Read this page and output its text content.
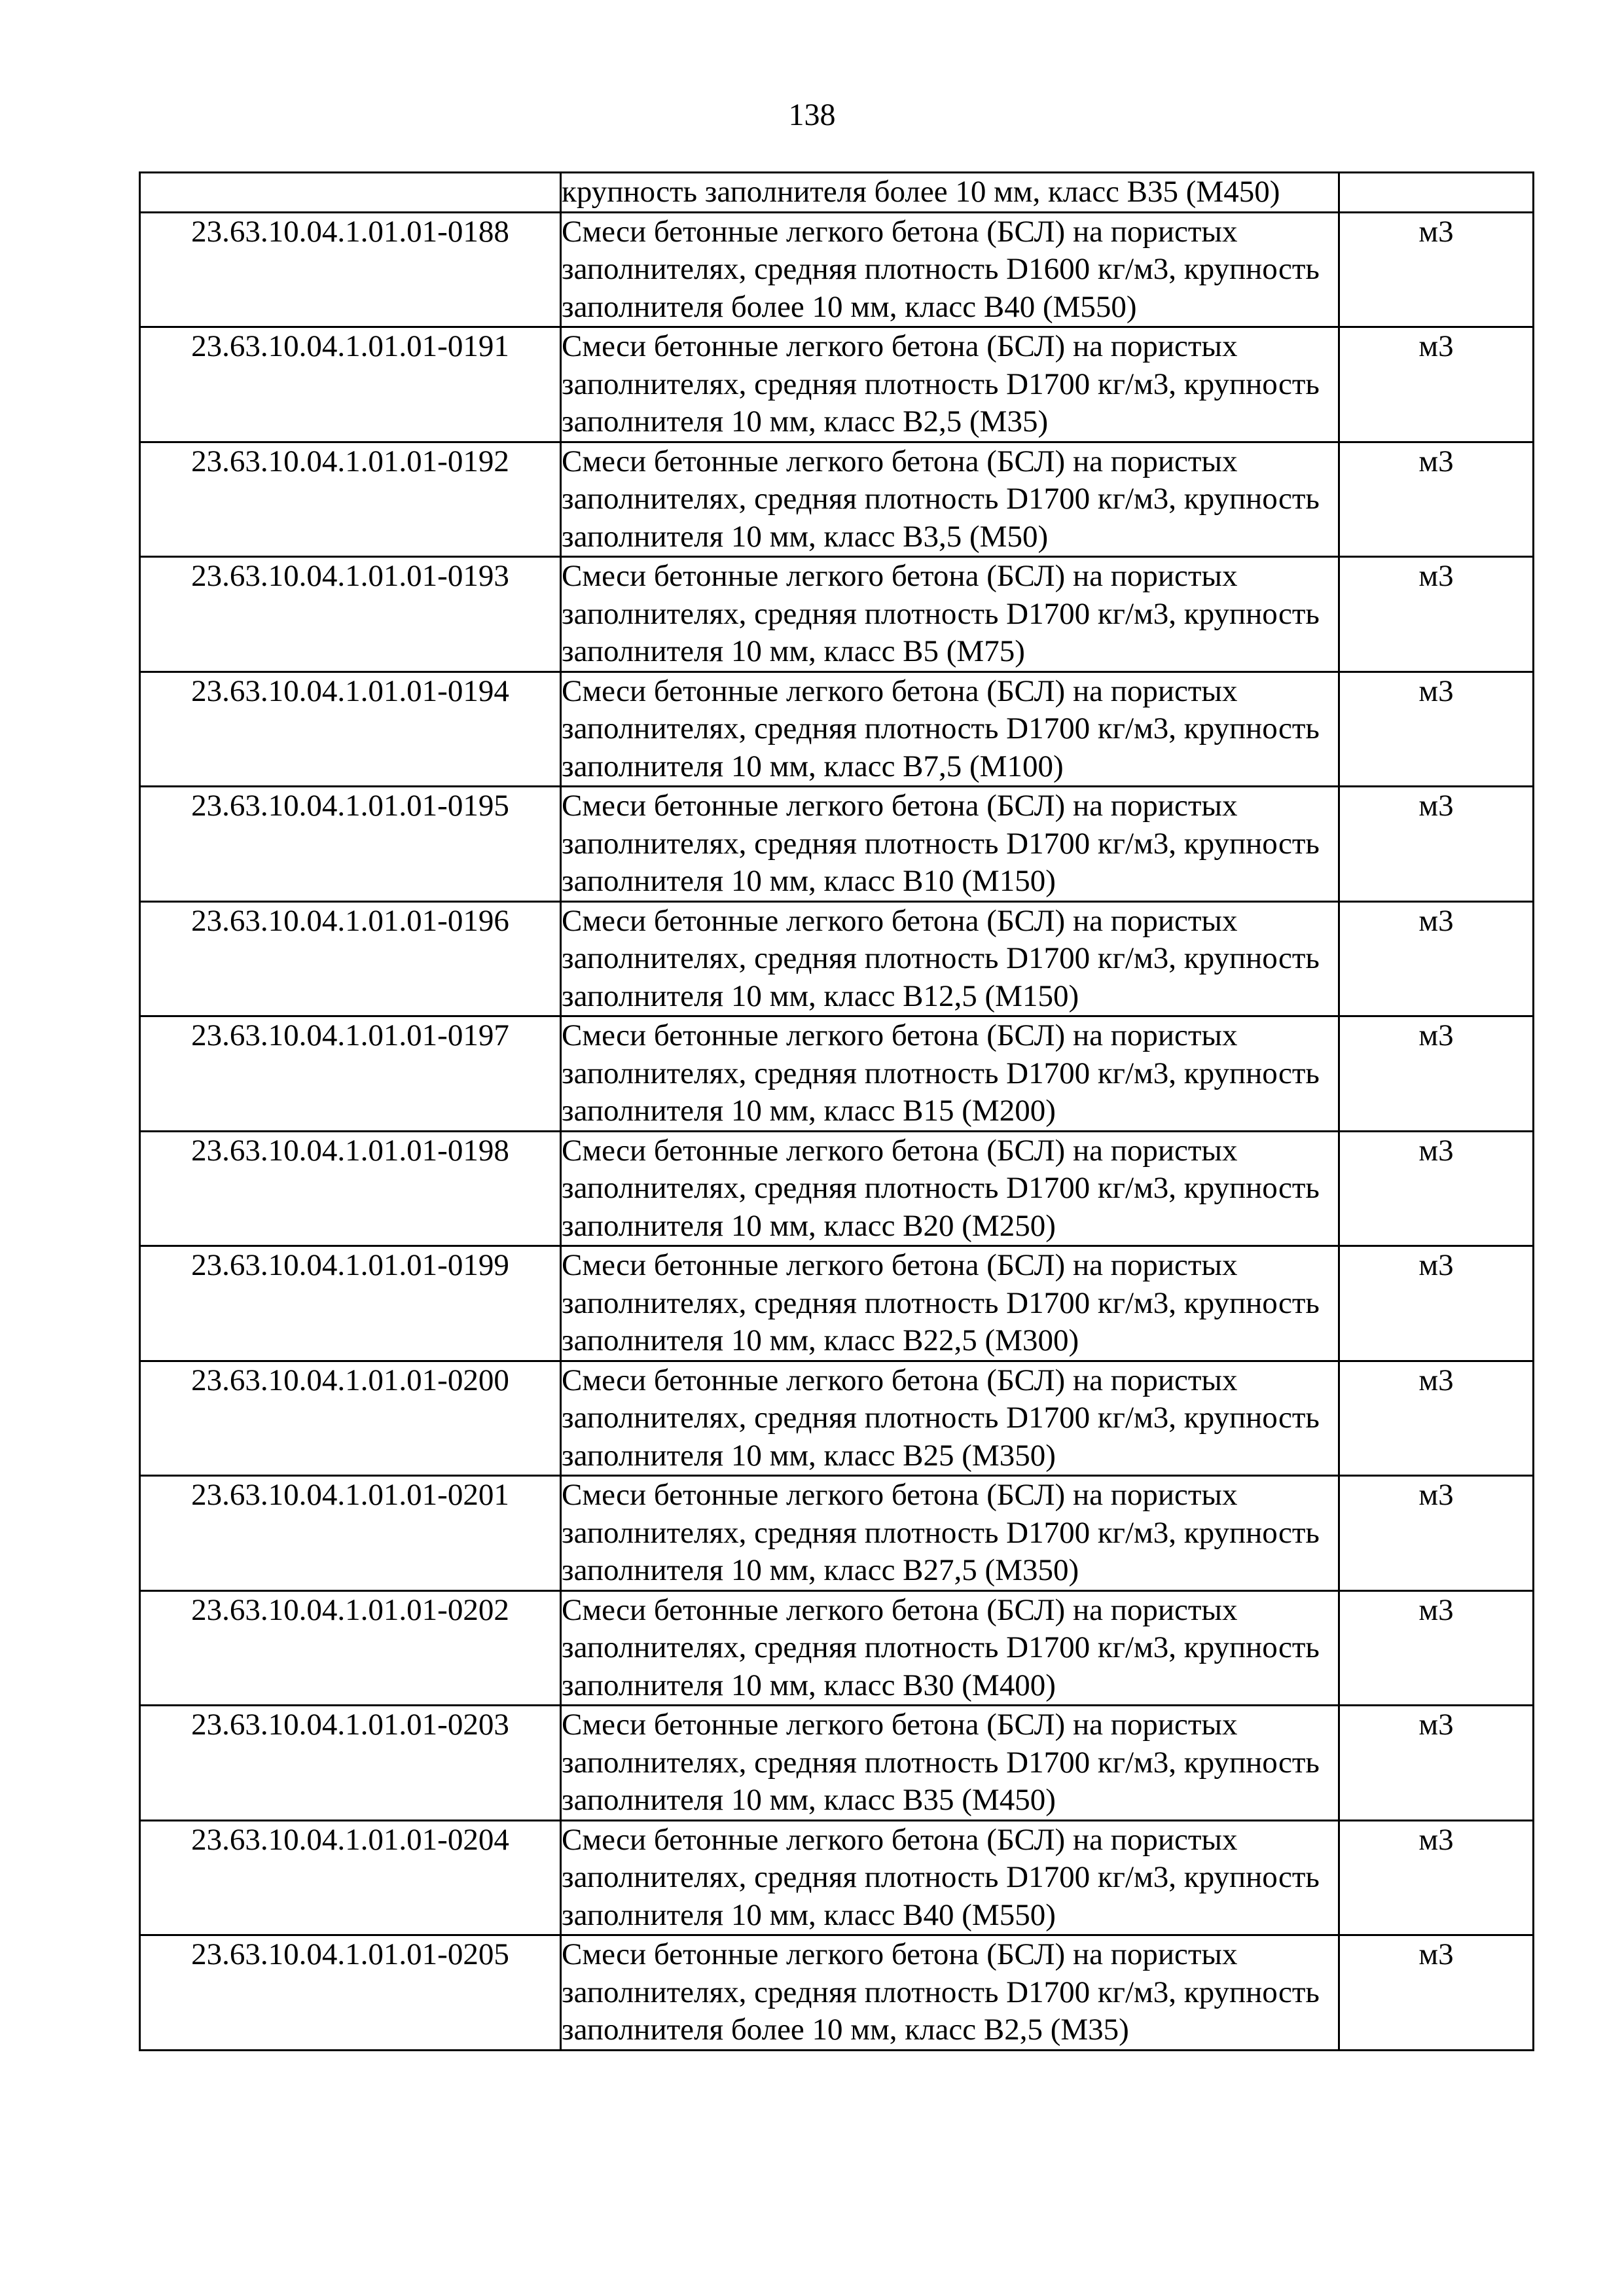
138
	крупность заполнителя более 10 мм, класс В35 (М450)	
23.63.10.04.1.01.01-0188	Смеси бетонные легкого бетона (БСЛ) на пористых заполнителях, средняя плотность D1600 кг/м3, крупность заполнителя более 10 мм, класс В40 (М550)	м3
23.63.10.04.1.01.01-0191	Смеси бетонные легкого бетона (БСЛ) на пористых заполнителях, средняя плотность D1700 кг/м3, крупность заполнителя 10 мм, класс В2,5 (М35)	м3
23.63.10.04.1.01.01-0192	Смеси бетонные легкого бетона (БСЛ) на пористых заполнителях, средняя плотность D1700 кг/м3, крупность заполнителя 10 мм, класс В3,5 (М50)	м3
23.63.10.04.1.01.01-0193	Смеси бетонные легкого бетона (БСЛ) на пористых заполнителях, средняя плотность D1700 кг/м3, крупность заполнителя 10 мм, класс В5 (М75)	м3
23.63.10.04.1.01.01-0194	Смеси бетонные легкого бетона (БСЛ) на пористых заполнителях, средняя плотность D1700 кг/м3, крупность заполнителя 10 мм, класс В7,5 (М100)	м3
23.63.10.04.1.01.01-0195	Смеси бетонные легкого бетона (БСЛ) на пористых заполнителях, средняя плотность D1700 кг/м3, крупность заполнителя 10 мм, класс В10 (М150)	м3
23.63.10.04.1.01.01-0196	Смеси бетонные легкого бетона (БСЛ) на пористых заполнителях, средняя плотность D1700 кг/м3, крупность заполнителя 10 мм, класс В12,5 (М150)	м3
23.63.10.04.1.01.01-0197	Смеси бетонные легкого бетона (БСЛ) на пористых заполнителях, средняя плотность D1700 кг/м3, крупность заполнителя 10 мм, класс В15 (М200)	м3
23.63.10.04.1.01.01-0198	Смеси бетонные легкого бетона (БСЛ) на пористых заполнителях, средняя плотность D1700 кг/м3, крупность заполнителя 10 мм, класс В20 (М250)	м3
23.63.10.04.1.01.01-0199	Смеси бетонные легкого бетона (БСЛ) на пористых заполнителях, средняя плотность D1700 кг/м3, крупность заполнителя 10 мм, класс В22,5 (М300)	м3
23.63.10.04.1.01.01-0200	Смеси бетонные легкого бетона (БСЛ) на пористых заполнителях, средняя плотность D1700 кг/м3, крупность заполнителя 10 мм, класс В25 (М350)	м3
23.63.10.04.1.01.01-0201	Смеси бетонные легкого бетона (БСЛ) на пористых заполнителях, средняя плотность D1700 кг/м3, крупность заполнителя 10 мм, класс В27,5 (М350)	м3
23.63.10.04.1.01.01-0202	Смеси бетонные легкого бетона (БСЛ) на пористых заполнителях, средняя плотность D1700 кг/м3, крупность заполнителя 10 мм, класс В30 (М400)	м3
23.63.10.04.1.01.01-0203	Смеси бетонные легкого бетона (БСЛ) на пористых заполнителях, средняя плотность D1700 кг/м3, крупность заполнителя 10 мм, класс В35 (М450)	м3
23.63.10.04.1.01.01-0204	Смеси бетонные легкого бетона (БСЛ) на пористых заполнителях, средняя плотность D1700 кг/м3, крупность заполнителя 10 мм, класс В40 (М550)	м3
23.63.10.04.1.01.01-0205	Смеси бетонные легкого бетона (БСЛ) на пористых заполнителях, средняя плотность D1700 кг/м3, крупность заполнителя более 10 мм, класс В2,5 (М35)	м3
